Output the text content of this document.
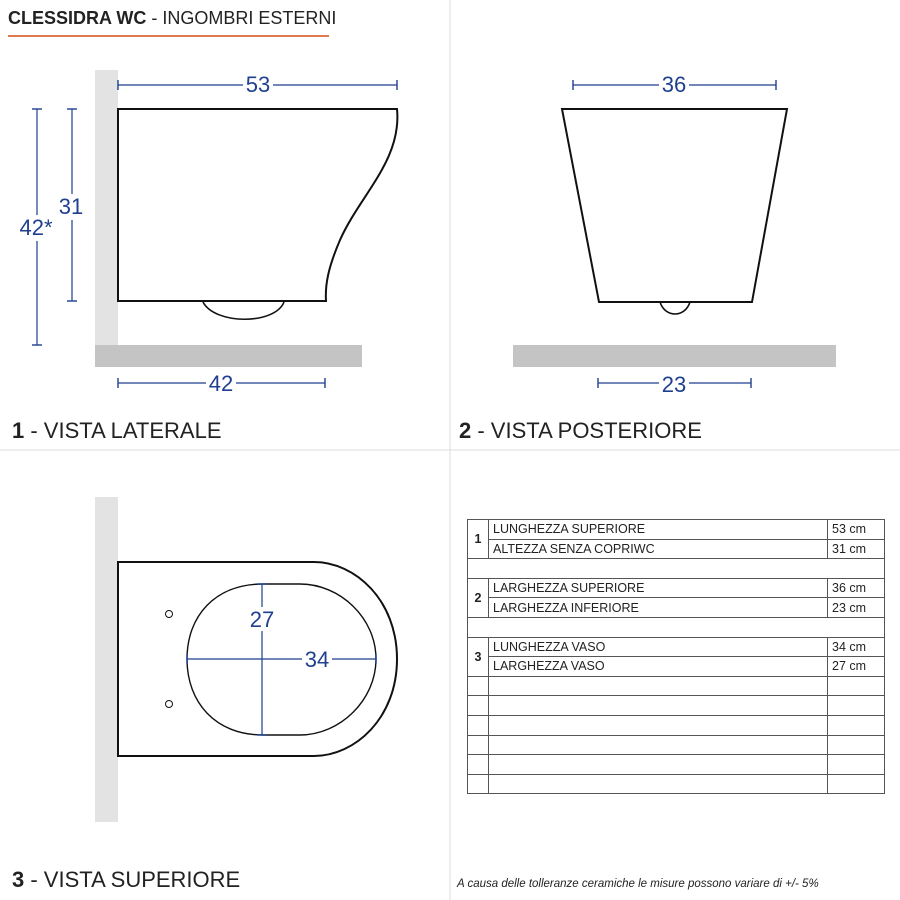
CLESSIDRA WC - INGOMBRI ESTERNI
53
42*
31
42
36
23
27
34
1 - VISTA LATERALE	2 - VISTA POSTERIORE
3 - VISTA SUPERIORE
1	LUNGHEZZA SUPERIORE	53 cm
	ALTEZZA SENZA COPRIWC	31 cm

2	LARGHEZZA SUPERIORE	36 cm
	LARGHEZZA INFERIORE	23 cm

3	LUNGHEZZA VASO	34 cm
	LARGHEZZA VASO	27 cm

A causa delle tolleranze ceramiche le misure possono variare di +/- 5%
